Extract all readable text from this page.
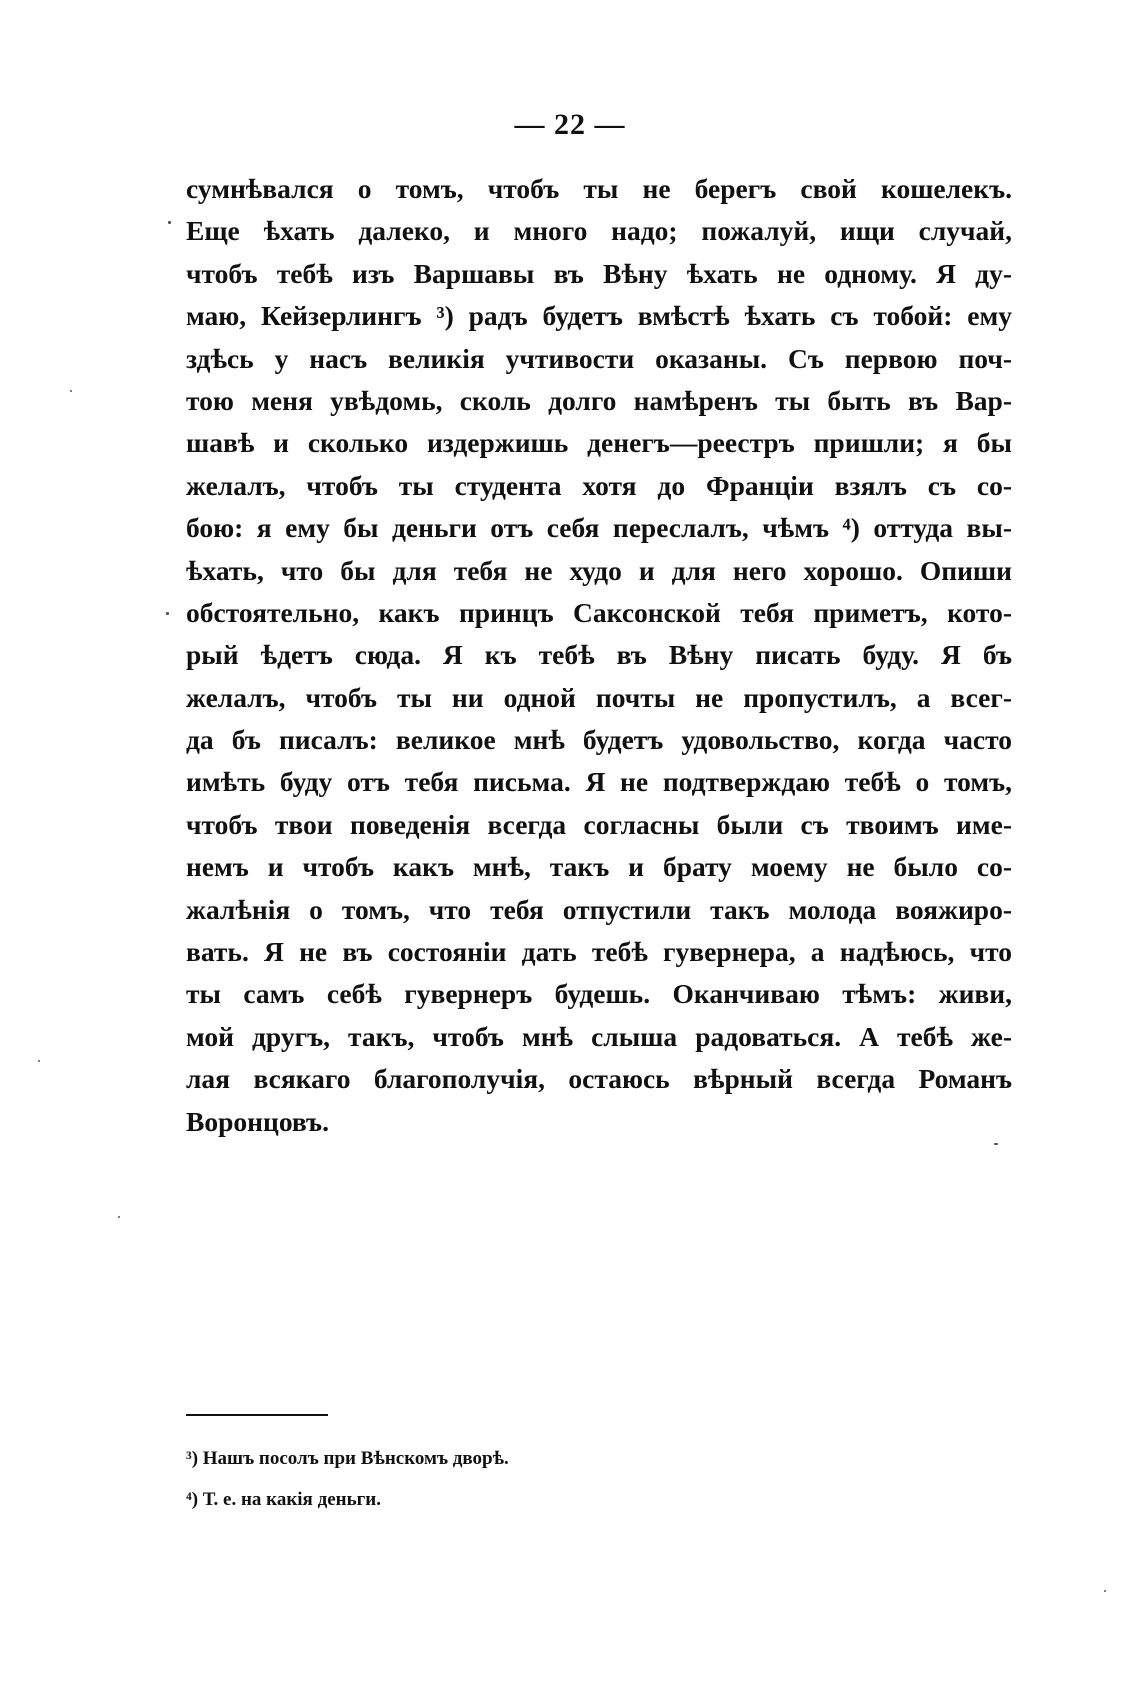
— 22 —
сумнѣвался о томъ, чтобъ ты не берегъ свой кошелекъ.
Еще ѣхать далеко, и много надо; пожалуй, ищи случай,
чтобъ тебѣ изъ Варшавы въ Вѣну ѣхать не одному. Я ду-
маю, Кейзерлингъ ³) радъ будетъ вмѣстѣ ѣхать съ тобой: ему
здѣсь у насъ великія учтивости оказаны. Съ первою поч-
тою меня увѣдомь, сколь долго намѣренъ ты быть въ Вар-
шавѣ и сколько издержишь денегъ—реестръ пришли; я бы
желалъ, чтобъ ты студента хотя до Франціи взялъ съ со-
бою: я ему бы деньги отъ себя переслалъ, чѣмъ ⁴) оттуда вы-
ѣхать, что бы для тебя не худо и для него хорошо. Опиши
обстоятельно, какъ принцъ Саксонской тебя приметъ, кото-
рый ѣдетъ сюда. Я къ тебѣ въ Вѣну писать буду. Я бъ
желалъ, чтобъ ты ни одной почты не пропустилъ, а всег-
да бъ писалъ: великое мнѣ будетъ удовольство, когда часто
имѣть буду отъ тебя письма. Я не подтверждаю тебѣ о томъ,
чтобъ твои поведенія всегда согласны были съ твоимъ име-
немъ и чтобъ какъ мнѣ, такъ и брату моему не было со-
жалѣнія о томъ, что тебя отпустили такъ молода вояжиро-
вать. Я не въ состояніи дать тебѣ гувернера, а надѣюсь, что
ты самъ себѣ гувернеръ будешь. Оканчиваю тѣмъ: живи,
мой другъ, такъ, чтобъ мнѣ слыша радоваться. А тебѣ же-
лая всякаго благополучія, остаюсь вѣрный всегда Романъ
Воронцовъ.
³) Нашъ посолъ при Вѣнскомъ дворѣ.
⁴) Т. е. на какія деньги.
